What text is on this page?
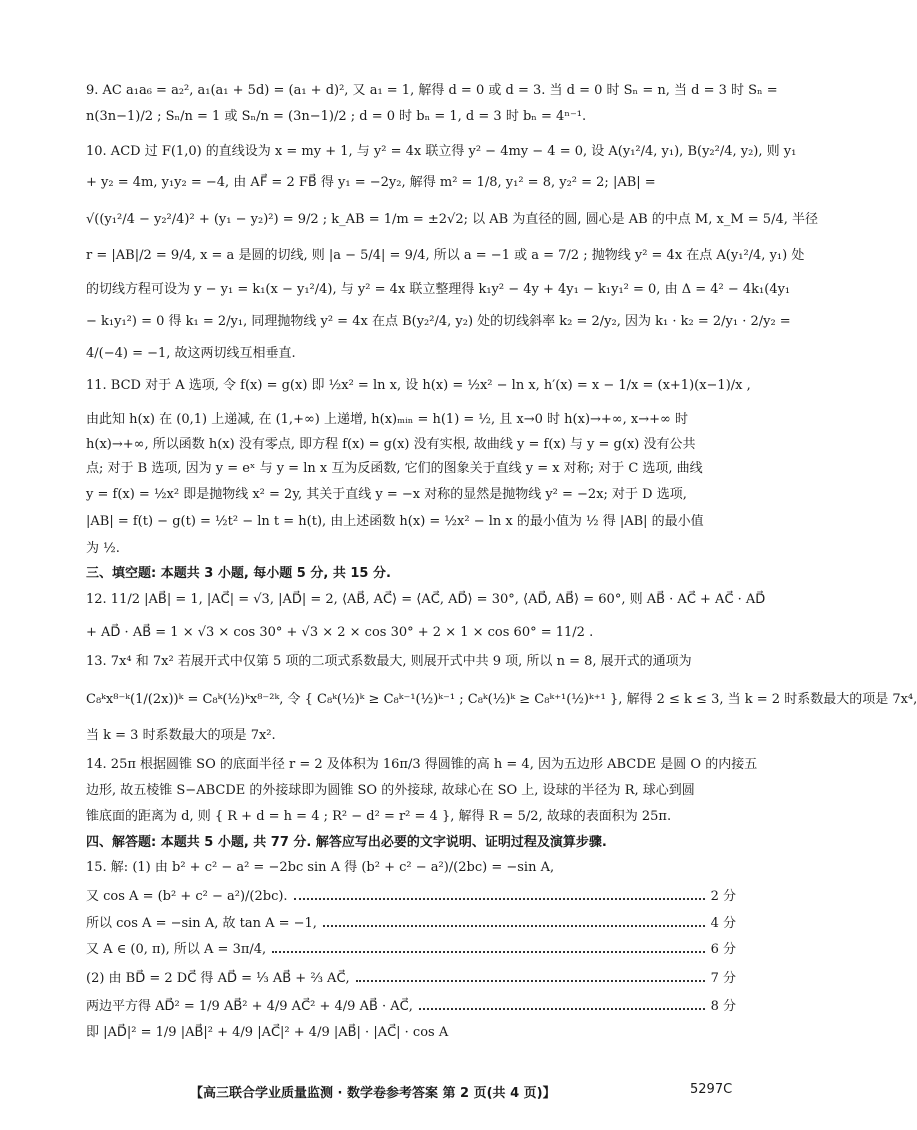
9. AC a₁a₆ = a₂², a₁(a₁ + 5d) = (a₁ + d)², 又 a₁ = 1, 解得 d = 0 或 d = 3. 当 d = 0 时 Sₙ = n, 当 d = 3 时 Sₙ =
n(3n−1)/2 ; Sₙ/n = 1 或 Sₙ/n = (3n−1)/2 ; d = 0 时 bₙ = 1, d = 3 时 bₙ = 4ⁿ⁻¹.
10. ACD 过 F(1,0) 的直线设为 x = my + 1, 与 y² = 4x 联立得 y² − 4my − 4 = 0, 设 A(y₁²/4, y₁), B(y₂²/4, y₂), 则 y₁
+ y₂ = 4m, y₁y₂ = −4, 由 AF⃗ = 2 FB⃗ 得 y₁ = −2y₂, 解得 m² = 1/8, y₁² = 8, y₂² = 2; |AB| =
√((y₁²/4 − y₂²/4)² + (y₁ − y₂)²) = 9/2 ; k_AB = 1/m = ±2√2; 以 AB 为直径的圆, 圆心是 AB 的中点 M, x_M = 5/4, 半径
r = |AB|/2 = 9/4, x = a 是圆的切线, 则 |a − 5/4| = 9/4, 所以 a = −1 或 a = 7/2 ; 抛物线 y² = 4x 在点 A(y₁²/4, y₁) 处
的切线方程可设为 y − y₁ = k₁(x − y₁²/4), 与 y² = 4x 联立整理得 k₁y² − 4y + 4y₁ − k₁y₁² = 0, 由 Δ = 4² − 4k₁(4y₁
− k₁y₁²) = 0 得 k₁ = 2/y₁, 同理抛物线 y² = 4x 在点 B(y₂²/4, y₂) 处的切线斜率 k₂ = 2/y₂, 因为 k₁ · k₂ = 2/y₁ · 2/y₂ =
4/(−4) = −1, 故这两切线互相垂直.
11. BCD 对于 A 选项, 令 f(x) = g(x) 即 ½x² = ln x, 设 h(x) = ½x² − ln x, h′(x) = x − 1/x = (x+1)(x−1)/x ,
由此知 h(x) 在 (0,1) 上递减, 在 (1,+∞) 上递增, h(x)ₘᵢₙ = h(1) = ½, 且 x→0 时 h(x)→+∞, x→+∞ 时
h(x)→+∞, 所以函数 h(x) 没有零点, 即方程 f(x) = g(x) 没有实根, 故曲线 y = f(x) 与 y = g(x) 没有公共
点; 对于 B 选项, 因为 y = eˣ 与 y = ln x 互为反函数, 它们的图象关于直线 y = x 对称; 对于 C 选项, 曲线
y = f(x) = ½x² 即是抛物线 x² = 2y, 其关于直线 y = −x 对称的显然是抛物线 y² = −2x; 对于 D 选项,
|AB| = f(t) − g(t) = ½t² − ln t = h(t), 由上述函数 h(x) = ½x² − ln x 的最小值为 ½ 得 |AB| 的最小值
为 ½.
三、填空题: 本题共 3 小题, 每小题 5 分, 共 15 分.
12. 11/2 |AB⃗| = 1, |AC⃗| = √3, |AD⃗| = 2, ⟨AB⃗, AC⃗⟩ = ⟨AC⃗, AD⃗⟩ = 30°, ⟨AD⃗, AB⃗⟩ = 60°, 则 AB⃗ · AC⃗ + AC⃗ · AD⃗
+ AD⃗ · AB⃗ = 1 × √3 × cos 30° + √3 × 2 × cos 30° + 2 × 1 × cos 60° = 11/2 .
13. 7x⁴ 和 7x² 若展开式中仅第 5 项的二项式系数最大, 则展开式中共 9 项, 所以 n = 8, 展开式的通项为
C₈ᵏx⁸⁻ᵏ(1/(2x))ᵏ = C₈ᵏ(½)ᵏx⁸⁻²ᵏ, 令 { C₈ᵏ(½)ᵏ ≥ C₈ᵏ⁻¹(½)ᵏ⁻¹ ; C₈ᵏ(½)ᵏ ≥ C₈ᵏ⁺¹(½)ᵏ⁺¹ }, 解得 2 ≤ k ≤ 3, 当 k = 2 时系数最大的项是 7x⁴,
当 k = 3 时系数最大的项是 7x².
14. 25π 根据圆锥 SO 的底面半径 r = 2 及体积为 16π/3 得圆锥的高 h = 4, 因为五边形 ABCDE 是圆 O 的内接五
边形, 故五棱锥 S−ABCDE 的外接球即为圆锥 SO 的外接球, 故球心在 SO 上, 设球的半径为 R, 球心到圆
锥底面的距离为 d, 则 { R + d = h = 4 ; R² − d² = r² = 4 }, 解得 R = 5/2, 故球的表面积为 25π.
四、解答题: 本题共 5 小题, 共 77 分. 解答应写出必要的文字说明、证明过程及演算步骤.
15. 解: (1) 由 b² + c² − a² = −2bc sin A 得 (b² + c² − a²)/(2bc) = −sin A,
又 cos A = (b² + c² − a²)/(2bc).	2 分
所以 cos A = −sin A, 故 tan A = −1,	4 分
又 A ∈ (0, π), 所以 A = 3π/4,	6 分
(2) 由 BD⃗ = 2 DC⃗ 得 AD⃗ = ⅓ AB⃗ + ⅔ AC⃗,	7 分
两边平方得 AD⃗² = 1/9 AB⃗² + 4/9 AC⃗² + 4/9 AB⃗ · AC⃗,	8 分
即 |AD⃗|² = 1/9 |AB⃗|² + 4/9 |AC⃗|² + 4/9 |AB⃗| · |AC⃗| · cos A
【高三联合学业质量监测 · 数学卷参考答案 第 2 页(共 4 页)】	5297C
